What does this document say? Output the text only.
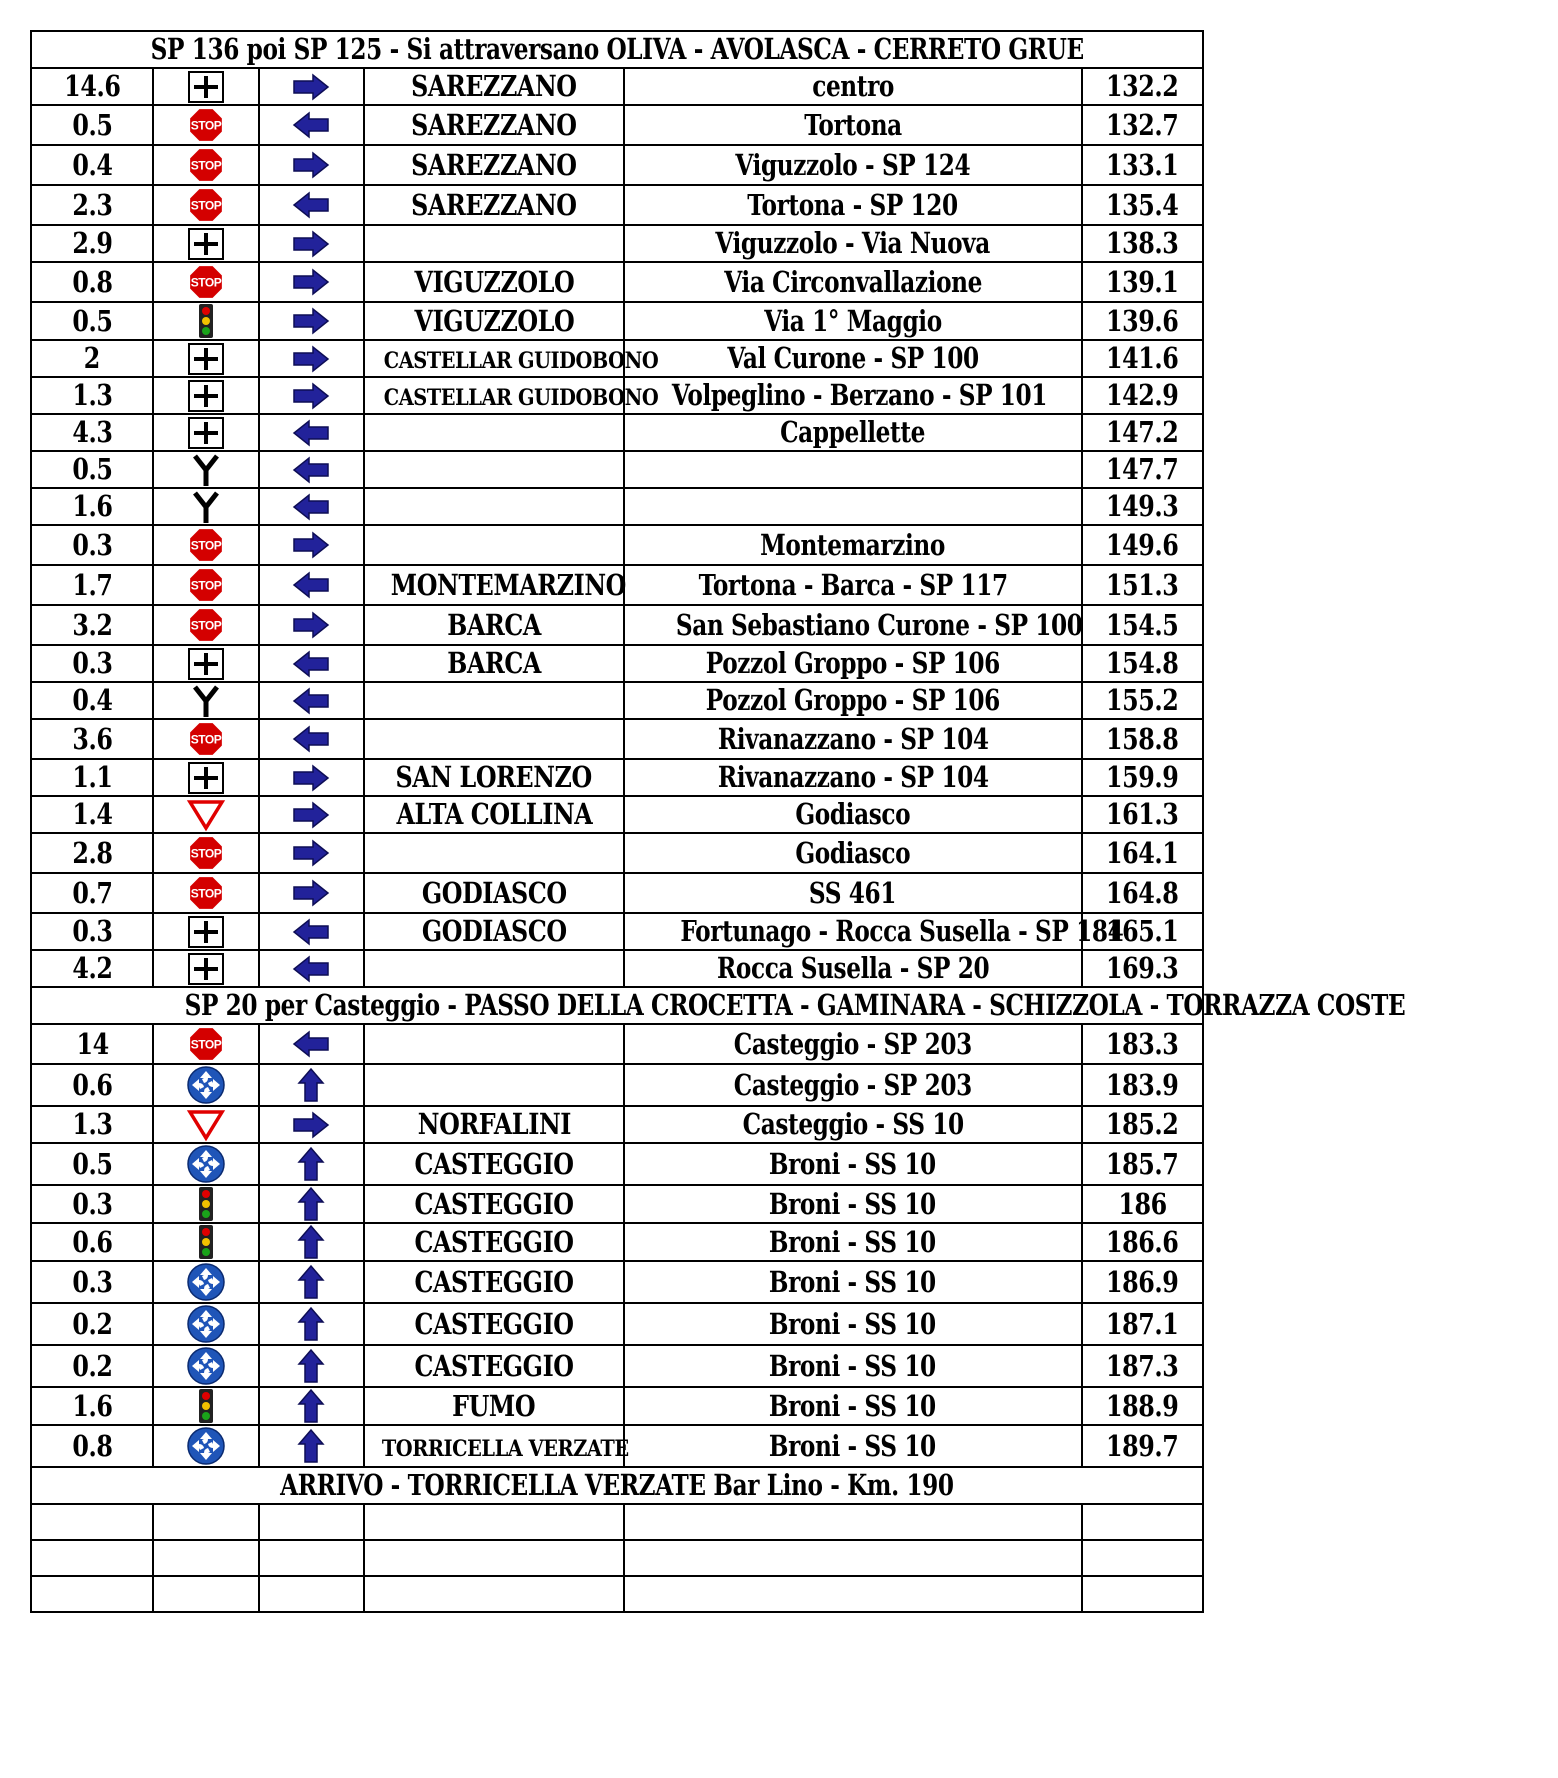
SP 136 poi SP 125 - Si attraversano OLIVA - AVOLASCA - CERRETO GRUE					
14.6			SAREZZANO	centro	132.2
0.5	STOP		SAREZZANO	Tortona	132.7
0.4	STOP		SAREZZANO	Viguzzolo - SP 124	133.1
2.3	STOP		SAREZZANO	Tortona - SP 120	135.4
2.9				Viguzzolo - Via Nuova	138.3
0.8	STOP		VIGUZZOLO	Via Circonvallazione	139.1
0.5			VIGUZZOLO	Via 1° Maggio	139.6
2			CASTELLAR GUIDOBONO	Val Curone - SP 100	141.6
1.3			CASTELLAR GUIDOBONO	Volpeglino - Berzano - SP 101	142.9
4.3				Cappellette	147.2
0.5					147.7
1.6					149.3
0.3	STOP			Montemarzino	149.6
1.7	STOP		MONTEMARZINO	Tortona - Barca - SP 117	151.3
3.2	STOP		BARCA	San Sebastiano Curone - SP 100	154.5
0.3			BARCA	Pozzol Groppo - SP 106	154.8
0.4				Pozzol Groppo - SP 106	155.2
3.6	STOP			Rivanazzano - SP 104	158.8
1.1			SAN LORENZO	Rivanazzano - SP 104	159.9
1.4			ALTA COLLINA	Godiasco	161.3
2.8	STOP			Godiasco	164.1
0.7	STOP		GODIASCO	SS 461	164.8
0.3			GODIASCO	Fortunago - Rocca Susella - SP 184	165.1
4.2				Rocca Susella - SP 20	169.3
SP 20 per Casteggio - PASSO DELLA CROCETTA - GAMINARA - SCHIZZOLA - TORRAZZA COSTE					
14	STOP			Casteggio - SP 203	183.3
0.6				Casteggio - SP 203	183.9
1.3			NORFALINI	Casteggio - SS 10	185.2
0.5			CASTEGGIO	Broni - SS 10	185.7
0.3			CASTEGGIO	Broni - SS 10	186
0.6			CASTEGGIO	Broni - SS 10	186.6
0.3			CASTEGGIO	Broni - SS 10	186.9
0.2			CASTEGGIO	Broni - SS 10	187.1
0.2			CASTEGGIO	Broni - SS 10	187.3
1.6			FUMO	Broni - SS 10	188.9
0.8			TORRICELLA VERZATE	Broni - SS 10	189.7
ARRIVO - TORRICELLA VERZATE Bar Lino - Km. 190					
